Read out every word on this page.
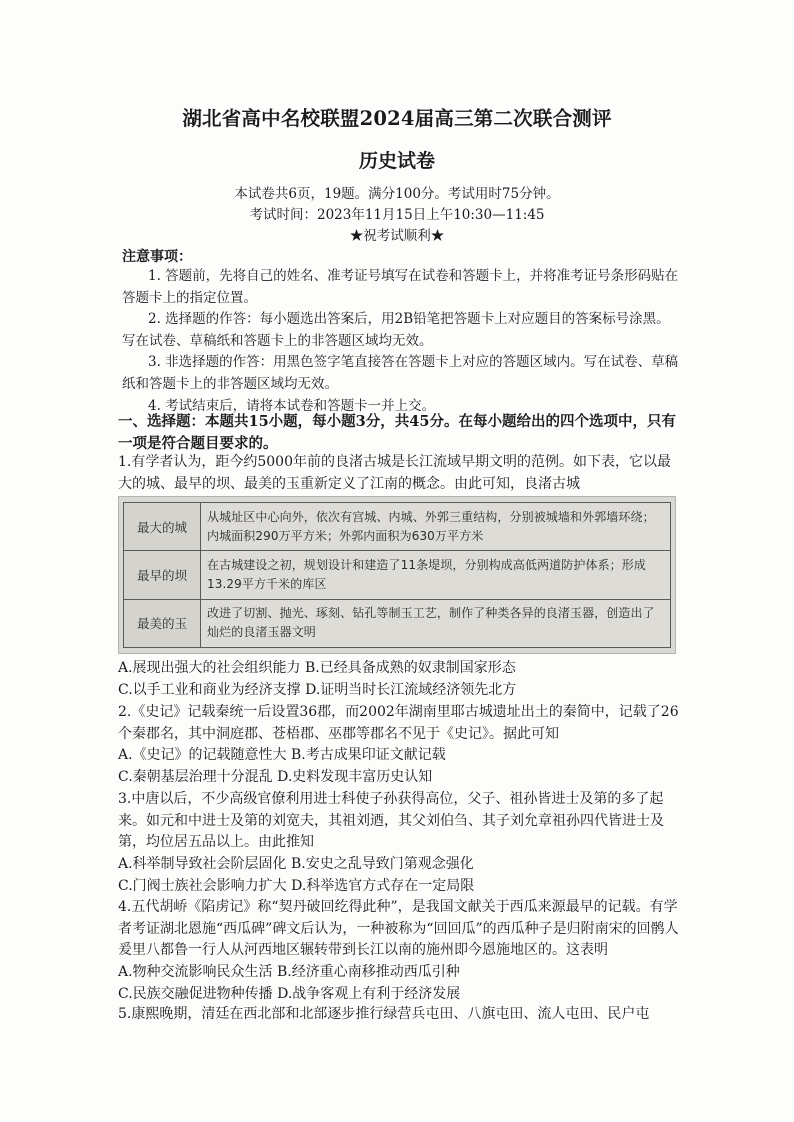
湖北省高中名校联盟2024届高三第二次联合测评
历史试卷
本试卷共6页，19题。满分100分。考试用时75分钟。
考试时间：2023年11月15日上午10:30—11:45
★祝考试顺利★
注意事项：

1. 答题前，先将自己的姓名、准考证号填写在试卷和答题卡上，并将准考证号条形码贴在答题卡上的指定位置。

2. 选择题的作答：每小题选出答案后，用2B铅笔把答题卡上对应题目的答案标号涂黑。写在试卷、草稿纸和答题卡上的非答题区域均无效。

3. 非选择题的作答：用黑色签字笔直接答在答题卡上对应的答题区域内。写在试卷、草稿纸和答题卡上的非答题区域均无效。

4. 考试结束后，请将本试卷和答题卡一并上交。

一、选择题：本题共15小题，每小题3分，共45分。在每小题给出的四个选项中，只有一项是符合题目要求的。

1.有学者认为，距今约5000年前的良渚古城是长江流域早期文明的范例。如下表，它以最大的城、最早的坝、最美的玉重新定义了江南的概念。由此可知，良渚古城

最大的城	从城址区中心向外，依次有宫城、内城、外郭三重结构，分别被城墙和外郭墙环绕；内城面积290万平方米；外郭内面积为630万平方米
最早的坝	在古城建设之初，规划设计和建造了11条堤坝，分别构成高低两道防护体系；形成13.29平方千米的库区
最美的玉	改进了切割、抛光、琢刻、钻孔等制玉工艺，制作了种类各异的良渚玉器，创造出了灿烂的良渚玉器文明

A.展现出强大的社会组织能力 B.已经具备成熟的奴隶制国家形态

C.以手工业和商业为经济支撑 D.证明当时长江流域经济领先北方

2.《史记》记载秦统一后设置36郡，而2002年湖南里耶古城遗址出土的秦简中，记载了26个秦郡名，其中洞庭郡、苍梧郡、巫郡等郡名不见于《史记》。据此可知

A.《史记》的记载随意性大 B.考古成果印证文献记载

C.秦朝基层治理十分混乱 D.史料发现丰富历史认知

3.中唐以后，不少高级官僚利用进士科使子孙获得高位，父子、祖孙皆进士及第的多了起来。如元和中进士及第的刘宽夫，其祖刘迺，其父刘伯刍、其子刘允章祖孙四代皆进士及第，均位居五品以上。由此推知

A.科举制导致社会阶层固化 B.安史之乱导致门第观念强化

C.门阀士族社会影响力扩大 D.科举选官方式存在一定局限

4.五代胡峤《陷虏记》称“契丹破回纥得此种”，是我国文献关于西瓜来源最早的记载。有学者考证湖北恩施“西瓜碑”碑文后认为，一种被称为“回回瓜”的西瓜种子是归附南宋的回鹘人爰里八都鲁一行人从河西地区辗转带到长江以南的施州即今恩施地区的。这表明

A.物种交流影响民众生活 B.经济重心南移推动西瓜引种

C.民族交融促进物种传播 D.战争客观上有利于经济发展

5.康熙晚期，清廷在西北部和北部逐步推行绿营兵屯田、八旗屯田、流人屯田、民户屯
